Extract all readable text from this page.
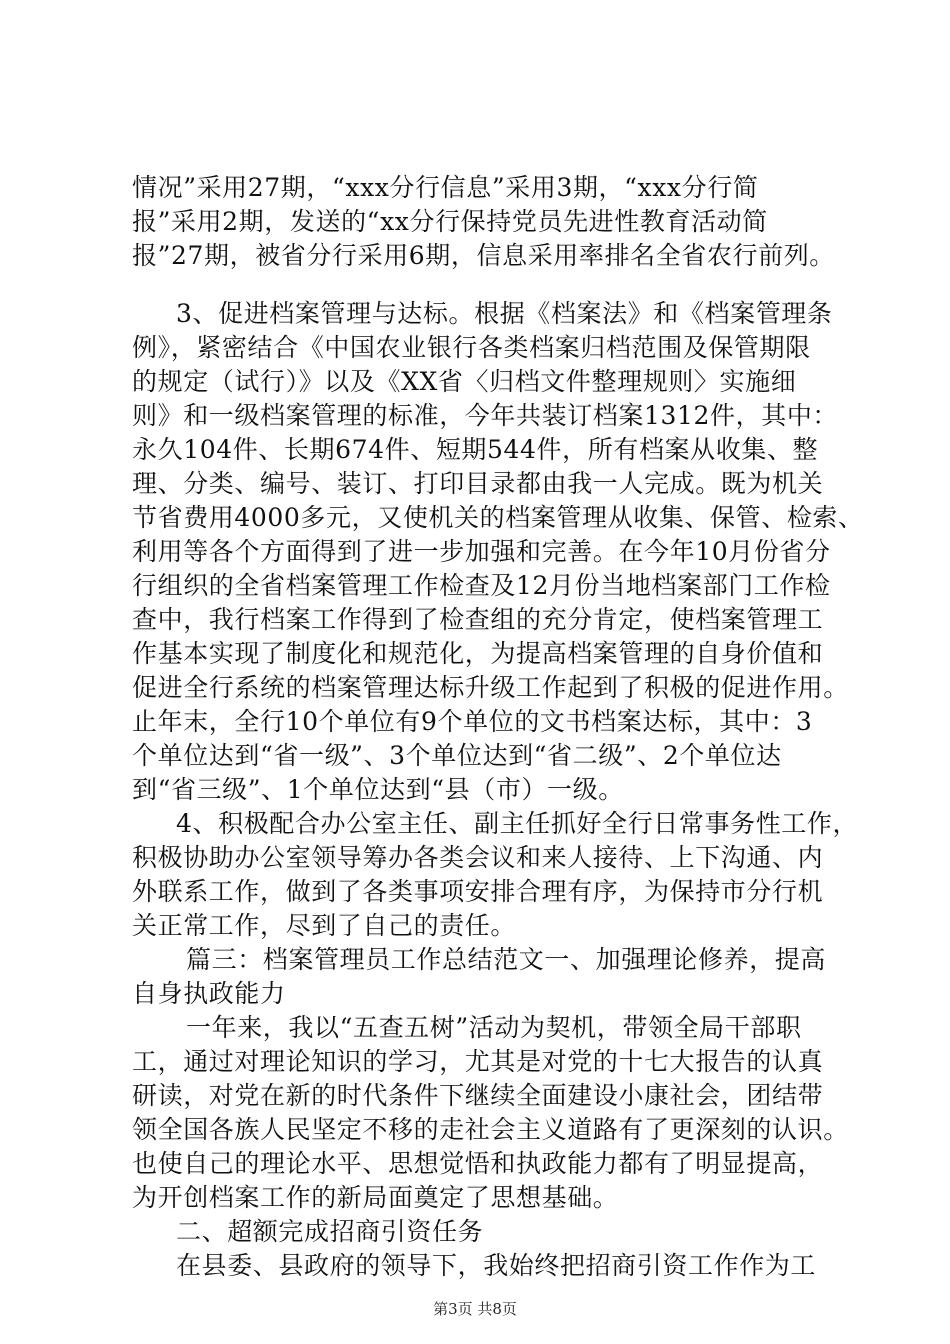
情况”采用27期，“xxx分行信息”采用3期，“xxx分行简
报”采用2期，发送的“xx分行保持党员先进性教育活动简
报”27期，被省分行采用6期，信息采用率排名全省农行前列。
3、促进档案管理与达标。根据《档案法》和《档案管理条
例》，紧密结合《中国农业银行各类档案归档范围及保管期限
的规定（试行）》以及《XX省〈归档文件整理规则〉实施细
则》和一级档案管理的标准，今年共装订档案1312件，其中：
永久104件、长期674件、短期544件，所有档案从收集、整
理、分类、编号、装订、打印目录都由我一人完成。既为机关
节省费用4000多元，又使机关的档案管理从收集、保管、检索、
利用等各个方面得到了进一步加强和完善。在今年10月份省分
行组织的全省档案管理工作检查及12月份当地档案部门工作检
查中，我行档案工作得到了检查组的充分肯定，使档案管理工
作基本实现了制度化和规范化，为提高档案管理的自身价值和
促进全行系统的档案管理达标升级工作起到了积极的促进作用。
止年末，全行10个单位有9个单位的文书档案达标，其中：3
个单位达到“省一级”、3个单位达到“省二级”、2个单位达
到“省三级”、1个单位达到“县（市）一级。
4、积极配合办公室主任、副主任抓好全行日常事务性工作，
积极协助办公室领导筹办各类会议和来人接待、上下沟通、内
外联系工作，做到了各类事项安排合理有序，为保持市分行机
关正常工作，尽到了自己的责任。
篇三：档案管理员工作总结范文一、加强理论修养，提高
自身执政能力
一年来，我以“五查五树”活动为契机，带领全局干部职
工，通过对理论知识的学习，尤其是对党的十七大报告的认真
研读，对党在新的时代条件下继续全面建设小康社会，团结带
领全国各族人民坚定不移的走社会主义道路有了更深刻的认识。
也使自己的理论水平、思想觉悟和执政能力都有了明显提高，
为开创档案工作的新局面奠定了思想基础。
二、超额完成招商引资任务
在县委、县政府的领导下，我始终把招商引资工作作为工
第3页 共8页
